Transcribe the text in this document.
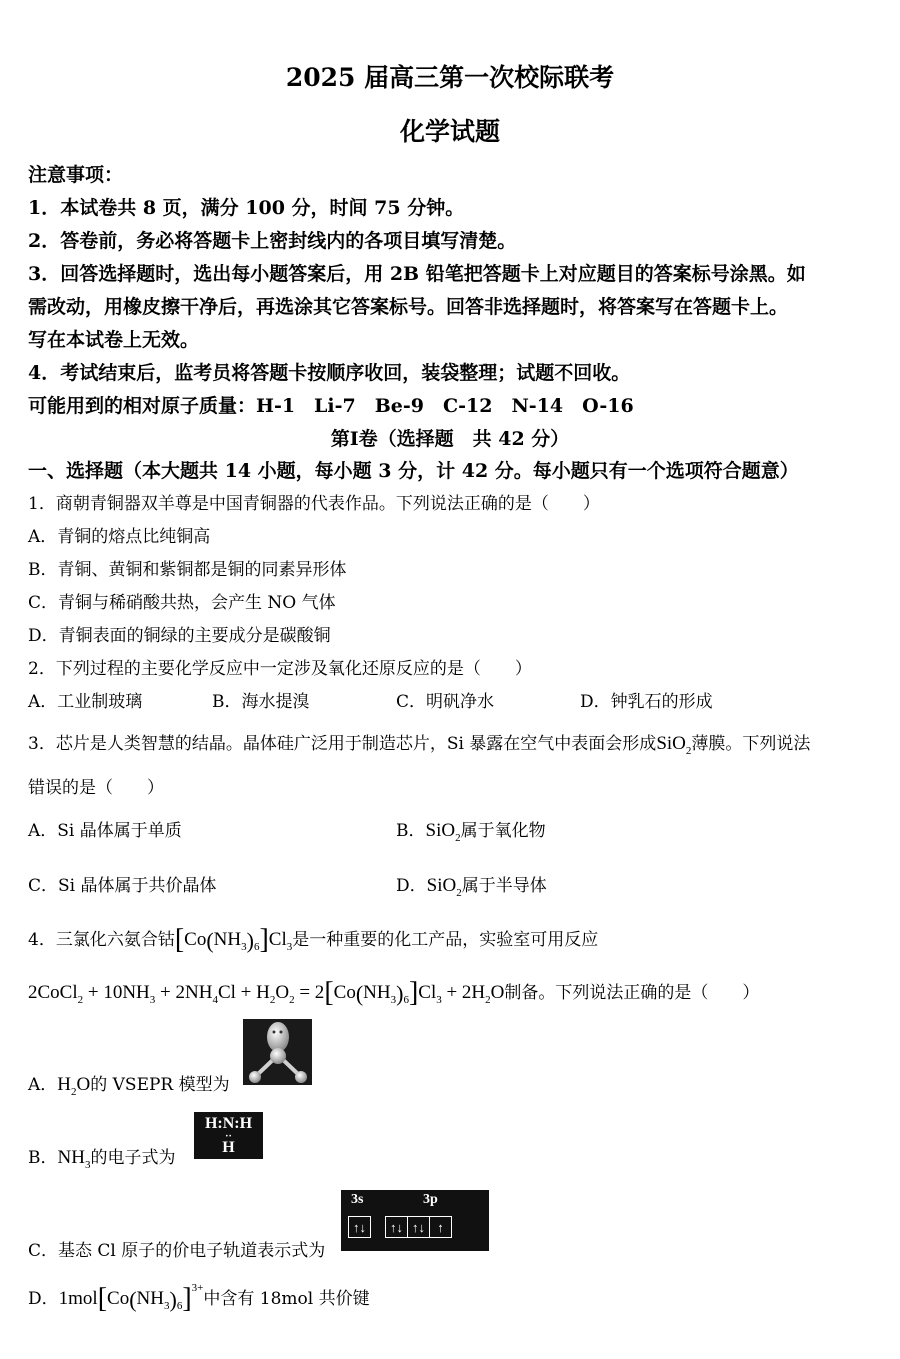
2025 届高三第一次校际联考
化学试题
注意事项：
1．本试卷共 8 页，满分 100 分，时间 75 分钟。
2．答卷前，务必将答题卡上密封线内的各项目填写清楚。
3．回答选择题时，选出每小题答案后，用 2B 铅笔把答题卡上对应题目的答案标号涂黑。如
需改动，用橡皮擦干净后，再选涂其它答案标号。回答非选择题时，将答案写在答题卡上。
写在本试卷上无效。
4．考试结束后，监考员将答题卡按顺序收回，装袋整理；试题不回收。
可能用到的相对原子质量：H-1　Li-7　Be-9　C-12　N-14　O-16
第Ⅰ卷（选择题　共 42 分）
一、选择题（本大题共 14 小题，每小题 3 分，计 42 分。每小题只有一个选项符合题意）
1．商朝青铜器双羊尊是中国青铜器的代表作品。下列说法正确的是（　　）
A．青铜的熔点比纯铜高
B．青铜、黄铜和紫铜都是铜的同素异形体
C．青铜与稀硝酸共热，会产生 NO 气体
D．青铜表面的铜绿的主要成分是碳酸铜
2．下列过程的主要化学反应中一定涉及氧化还原反应的是（　　）
A．工业制玻璃	B．海水提溴	C．明矾净水	D．钟乳石的形成
3．芯片是人类智慧的结晶。晶体硅广泛用于制造芯片，Si 暴露在空气中表面会形成SiO$_2$薄膜。下列说法
错误的是（　　）
A．Si 晶体属于单质	B．SiO$_2$属于氧化物
C．Si 晶体属于共价晶体	D．SiO$_2$属于半导体
4．三氯化六氨合钴$[Co(NH_3)_6]Cl_3$是一种重要的化工产品，实验室可用反应
2CoCl$_2$ + $10NH_3 + 2NH_4Cl + H_2O_2 = 2[Co(NH_3)_6]Cl_3 + 2H_2O$制备。下列说法正确的是（　　）
A．$H_2O$的 VSEPR 模型为
B．$NH_3$的电子式为
H:N:H
··
H
C．基态 Cl 原子的价电子轨道表示式为
3s	3p
↑↓	↑↓ ↑↓ ↑
D．$1mol[Co(NH_3)_6]^{3+}$中含有 18mol 共价键
